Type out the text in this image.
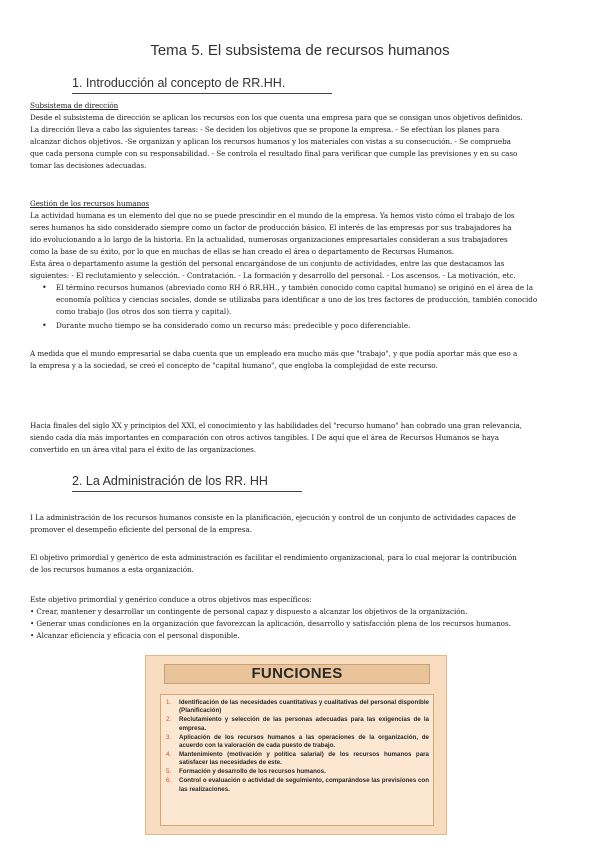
Tema 5. El subsistema de recursos humanos
1. Introducción al concepto de RR.HH.
Subsistema de dirección
Desde el subsistema de dirección se aplican los recursos con los que cuenta una empresa para que se consigan unos objetivos definidos.
La dirección lleva a cabo las siguientes tareas: - Se deciden los objetivos que se propone la empresa. - Se efectúan los planes para
alcanzar dichos objetivos. -Se organizan y aplican los recursos humanos y los materiales con vistas a su consecución. - Se comprueba
que cada persona cumple con su responsabilidad. - Se controla el resultado final para verificar que cumple las previsiones y en su caso
tomar las decisiones adecuadas.
Gestión de los recursos humanos
La actividad humana es un elemento del que no se puede prescindir en el mundo de la empresa. Ya hemos visto cómo el trabajo de los
seres humanos ha sido considerado siempre como un factor de producción básico. El interés de las empresas por sus trabajadores ha
ido evolucionando a lo largo de la historia. En la actualidad, numerosas organizaciones empresariales consideran a sus trabajadores
como la base de su éxito, por lo que en muchas de ellas se han creado el área o departamento de Recursos Humanos.
Esta área o departamento asume la gestión del personal encargándose de un conjunto de actividades, entre las que destacamos las
siguientes: - El reclutamiento y selección. - Contratación. - La formación y desarrollo del personal. - Los ascensos. - La motivación, etc.
• El término recursos humanos (abreviado como RH ó RR.HH., y también conocido como capital humano) se originó en el área de la
economía política y ciencias sociales, donde se utilizaba para identificar a uno de los tres factores de producción, también conocido
como trabajo (los otros dos son tierra y capital).
• Durante mucho tiempo se ha considerado como un recurso más: predecible y poco diferenciable.
A medida que el mundo empresarial se daba cuenta que un empleado era mucho más que "trabajo", y que podía aportar más que eso a
la empresa y a la sociedad, se creó el concepto de "capital humano", que engloba la complejidad de este recurso.
Hacia finales del siglo XX y principios del XXI, el conocimiento y las habilidades del "recurso humano" han cobrado una gran relevancia,
siendo cada día más importantes en comparación con otros activos tangibles. I De aquí que el área de Recursos Humanos se haya
convertido en un área vital para el éxito de las organizaciones.
2. La Administración de los RR. HH
I La administración de los recursos humanos consiste en la planificación, ejecución y control de un conjunto de actividades capaces de
promover el desempeño eficiente del personal de la empresa.
El objetivo primordial y genérico de esta administración es facilitar el rendimiento organizacional, para lo cual mejorar la contribución
de los recursos humanos a esta organización.
Este objetivo primordial y genérico conduce a otros objetivos mas específicos:
• Crear, mantener y desarrollar un contingente de personal capaz y dispuesto a alcanzar los objetivos de la organización.
• Generar unas condiciones en la organización que favorezcan la aplicación, desarrollo y satisfacción plena de los recursos humanos.
• Alcanzar eficiencia y eficacia con el personal disponible.
FUNCIONES
1. Identificación de las necesidades cuantitativas y cualitativas del personal disponible (Planificación)
2. Reclutamiento y selección de las personas adecuadas para las exigencias de la empresa.
3. Aplicación de los recursos humanos a las operaciones de la organización, de acuerdo con la valoración de cada puesto de trabajo.
4. Mantenimiento (motivación y política salarial) de los recursos humanos para satisfacer las necesidades de este.
5. Formación y desarrollo de los recursos humanos.
6. Control o evaluación o actividad de seguimiento, comparándose las previsiones con las realizaciones.
